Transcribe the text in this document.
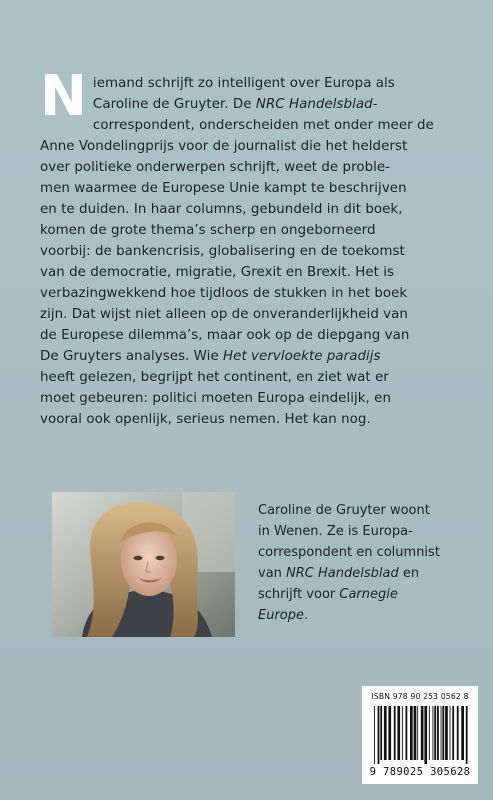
N iemand schrijft zo intelligent over Europa als
Caroline de Gruyter. De NRC Handelsblad-
correspondent, onderscheiden met onder meer de
Anne Vondelingprijs voor de journalist die het helderst
over politieke onderwerpen schrijft, weet de proble-
men waarmee de Europese Unie kampt te beschrijven
en te duiden. In haar columns, gebundeld in dit boek,
komen de grote thema’s scherp en ongeborneerd
voorbij: de bankencrisis, globalisering en de toekomst
van de democratie, migratie, Grexit en Brexit. Het is
verbazingwekkend hoe tijdloos de stukken in het boek
zijn. Dat wijst niet alleen op de onveranderlijkheid van
de Europese dilemma’s, maar ook op de diepgang van
De Gruyters analyses. Wie Het vervloekte paradijs
heeft gelezen, begrijpt het continent, en ziet wat er
moet gebeuren: politici moeten Europa eindelijk, en
vooral ook openlijk, serieus nemen. Het kan nog.
Caroline de Gruyter woont
in Wenen. Ze is Europa-
correspondent en columnist
van NRC Handelsblad en
schrijft voor Carnegie
Europe.
ISBN 978 90 253 0562 8
9 789025 305628
